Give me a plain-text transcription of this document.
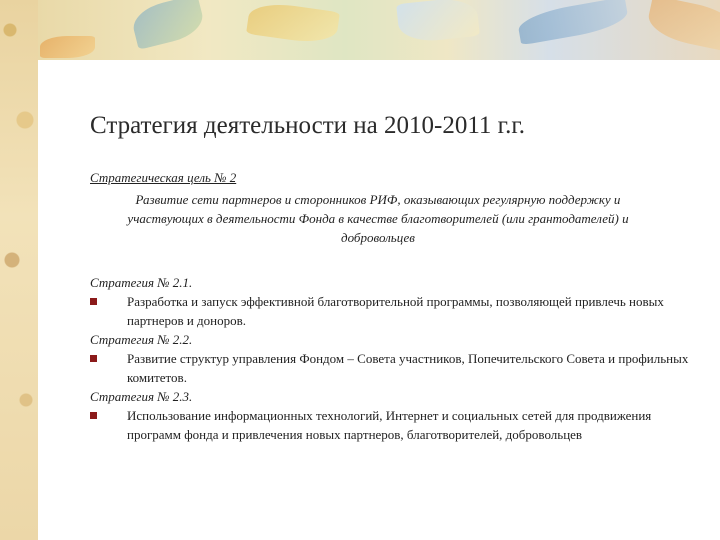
Стратегия деятельности на 2010-2011 г.г.
Стратегическая цель № 2
Развитие сети партнеров и сторонников РИФ, оказывающих регулярную поддержку и участвующих в деятельности Фонда в качестве благотворителей (или грантодателей) и добровольцев
Стратегия № 2.1.
Разработка и запуск эффективной благотворительной программы, позволяющей привлечь новых партнеров и доноров.
Стратегия № 2.2.
Развитие структур управления Фондом – Совета участников, Попечительского Совета и профильных комитетов.
Стратегия № 2.3.
Использование информационных технологий, Интернет и социальных сетей для продвижения программ фонда и привлечения новых партнеров, благотворителей, добровольцев
